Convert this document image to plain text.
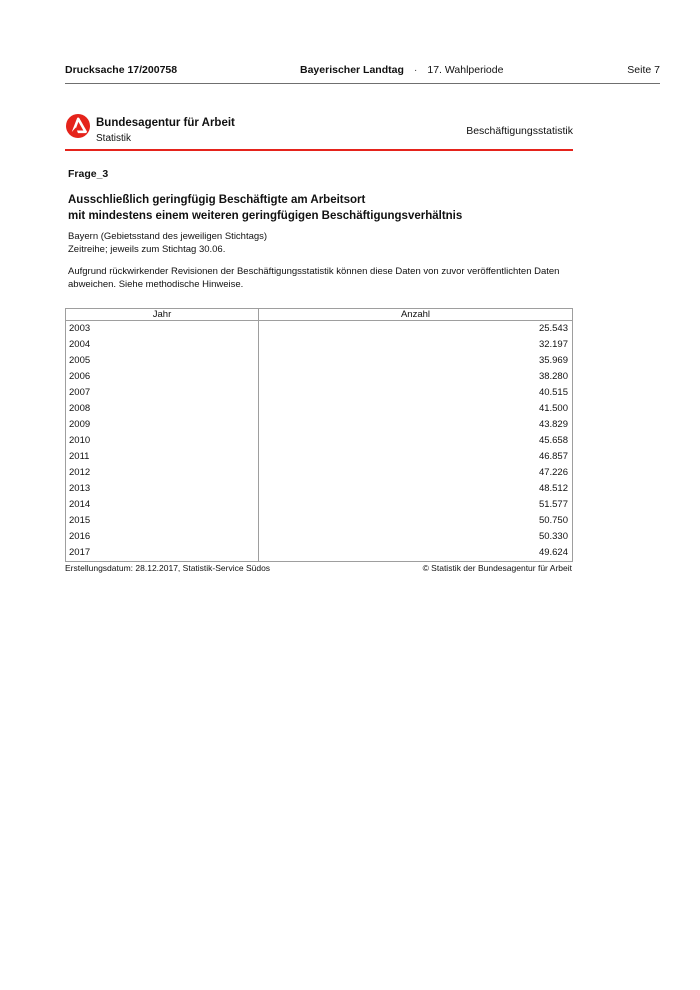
Drucksache 17/200758	Bayerischer Landtag · 17. Wahlperiode	Seite 7
Bundesagentur für Arbeit
Statistik
Beschäftigungsstatistik
Frage_3
Ausschließlich geringfügig Beschäftigte am Arbeitsort
mit mindestens einem weiteren geringfügigen Beschäftigungsverhältnis
Bayern (Gebietsstand des jeweiligen Stichtags)
Zeitreihe; jeweils zum Stichtag 30.06.
Aufgrund rückwirkender Revisionen der Beschäftigungsstatistik können diese Daten von zuvor veröffentlichten Daten abweichen. Siehe methodische Hinweise.
Jahr	Anzahl
2003	25.543
2004	32.197
2005	35.969
2006	38.280
2007	40.515
2008	41.500
2009	43.829
2010	45.658
2011	46.857
2012	47.226
2013	48.512
2014	51.577
2015	50.750
2016	50.330
2017	49.624
Erstellungsdatum: 28.12.2017, Statistik-Service Südos	© Statistik der Bundesagentur für Arbeit
